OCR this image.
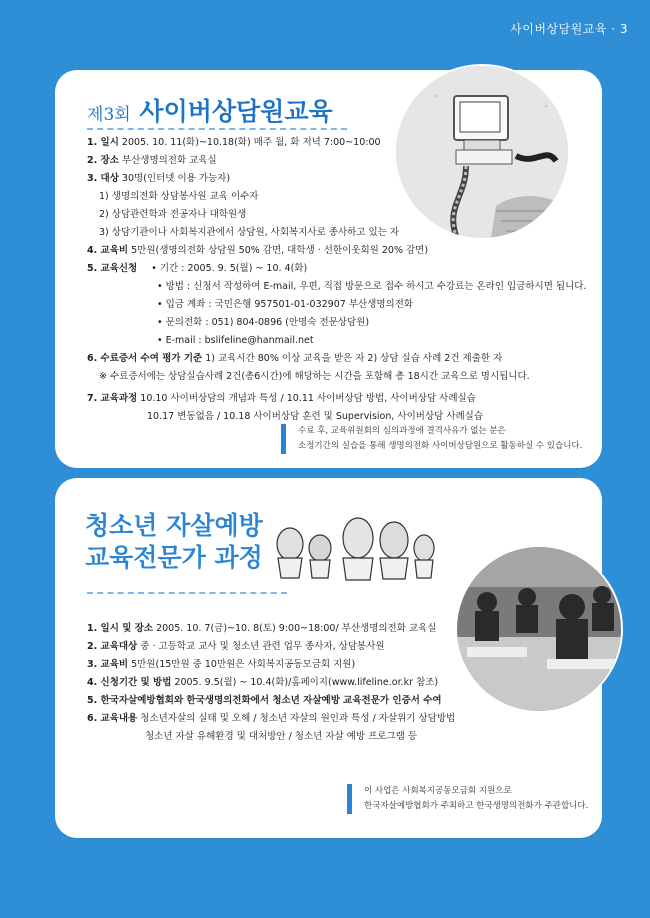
사이버상담원교육 · 3
제3회 사이버상담원교육
1. 일시 2005. 10. 11(화)~10.18(화) 매주 월, 화 저녁 7:00~10:00
2. 장소 부산생명의전화 교육실
3. 대상 30명(인터넷 이용 가능자)
1) 생명의전화 상담봉사원 교육 이수자
2) 상담관련학과 전공자나 대학원생
3) 상담기관이나 사회복지관에서 상담원, 사회복지사로 종사하고 있는 자
4. 교육비 5만원(생명의전화 상담원 50% 감면, 대학생 · 선한이웃회원 20% 감면)
5. 교육신청 • 기간 : 2005. 9. 5(월) ~ 10. 4(화)
• 방법 : 신청서 작성하여 E-mail, 우편, 직접 방문으로 접수 하시고 수강료는 온라인 입금하시면 됩니다.
• 입금 계좌 : 국민은행 957501-01-032907 부산생명의전화
• 문의전화 : 051) 804-0896 (안명숙 전문상담원)
• E-mail : bslifeline@hanmail.net
6. 수료증서 수여 평가 기준 1) 교육시간 80% 이상 교육을 받은 자 2) 상담 실습 사례 2건 제출한 자
※ 수료증서에는 상담실습사례 2건(총6시간)에 해당하는 시간을 포함해 총 18시간 교육으로 명시됩니다.
7. 교육과정 10.10 사이버상담의 개념과 특성 / 10.11 사이버상담 방법, 사이버상담 사례실습
10.17 변동없음 / 10.18 사이버상담 훈련 및 Supervision, 사이버상담 사례실습
수료 후, 교육위원회의 심의과정에 결격사유가 없는 분은
소정기간의 실습을 통해 생명의전화 사이버상담원으로 활동하실 수 있습니다.
청소년 자살예방
교육전문가 과정
1. 일시 및 장소 2005. 10. 7(금)~10. 8(토) 9:00~18:00/ 부산생명의전화 교육실
2. 교육대상 중 · 고등학교 교사 및 청소년 관련 업무 종사자, 상담봉사원
3. 교육비 5만원(15만원 중 10만원은 사회복지공동모금회 지원)
4. 신청기간 및 방법 2005. 9.5(월) ~ 10.4(화)/홈페이지(www.lifeline.or.kr 참조)
5. 한국자살예방협회와 한국생명의전화에서 청소년 자살예방 교육전문가 인증서 수여
6. 교육내용 청소년자살의 실태 및 오해 / 청소년 자살의 원인과 특성 / 자살위기 상담방법
청소년 자살 유해환경 및 대처방안 / 청소년 자살 예방 프로그램 등
이 사업은 사회복지공동모금회 지원으로
한국자살예방협회가 주최하고 한국생명의전화가 주관합니다.
